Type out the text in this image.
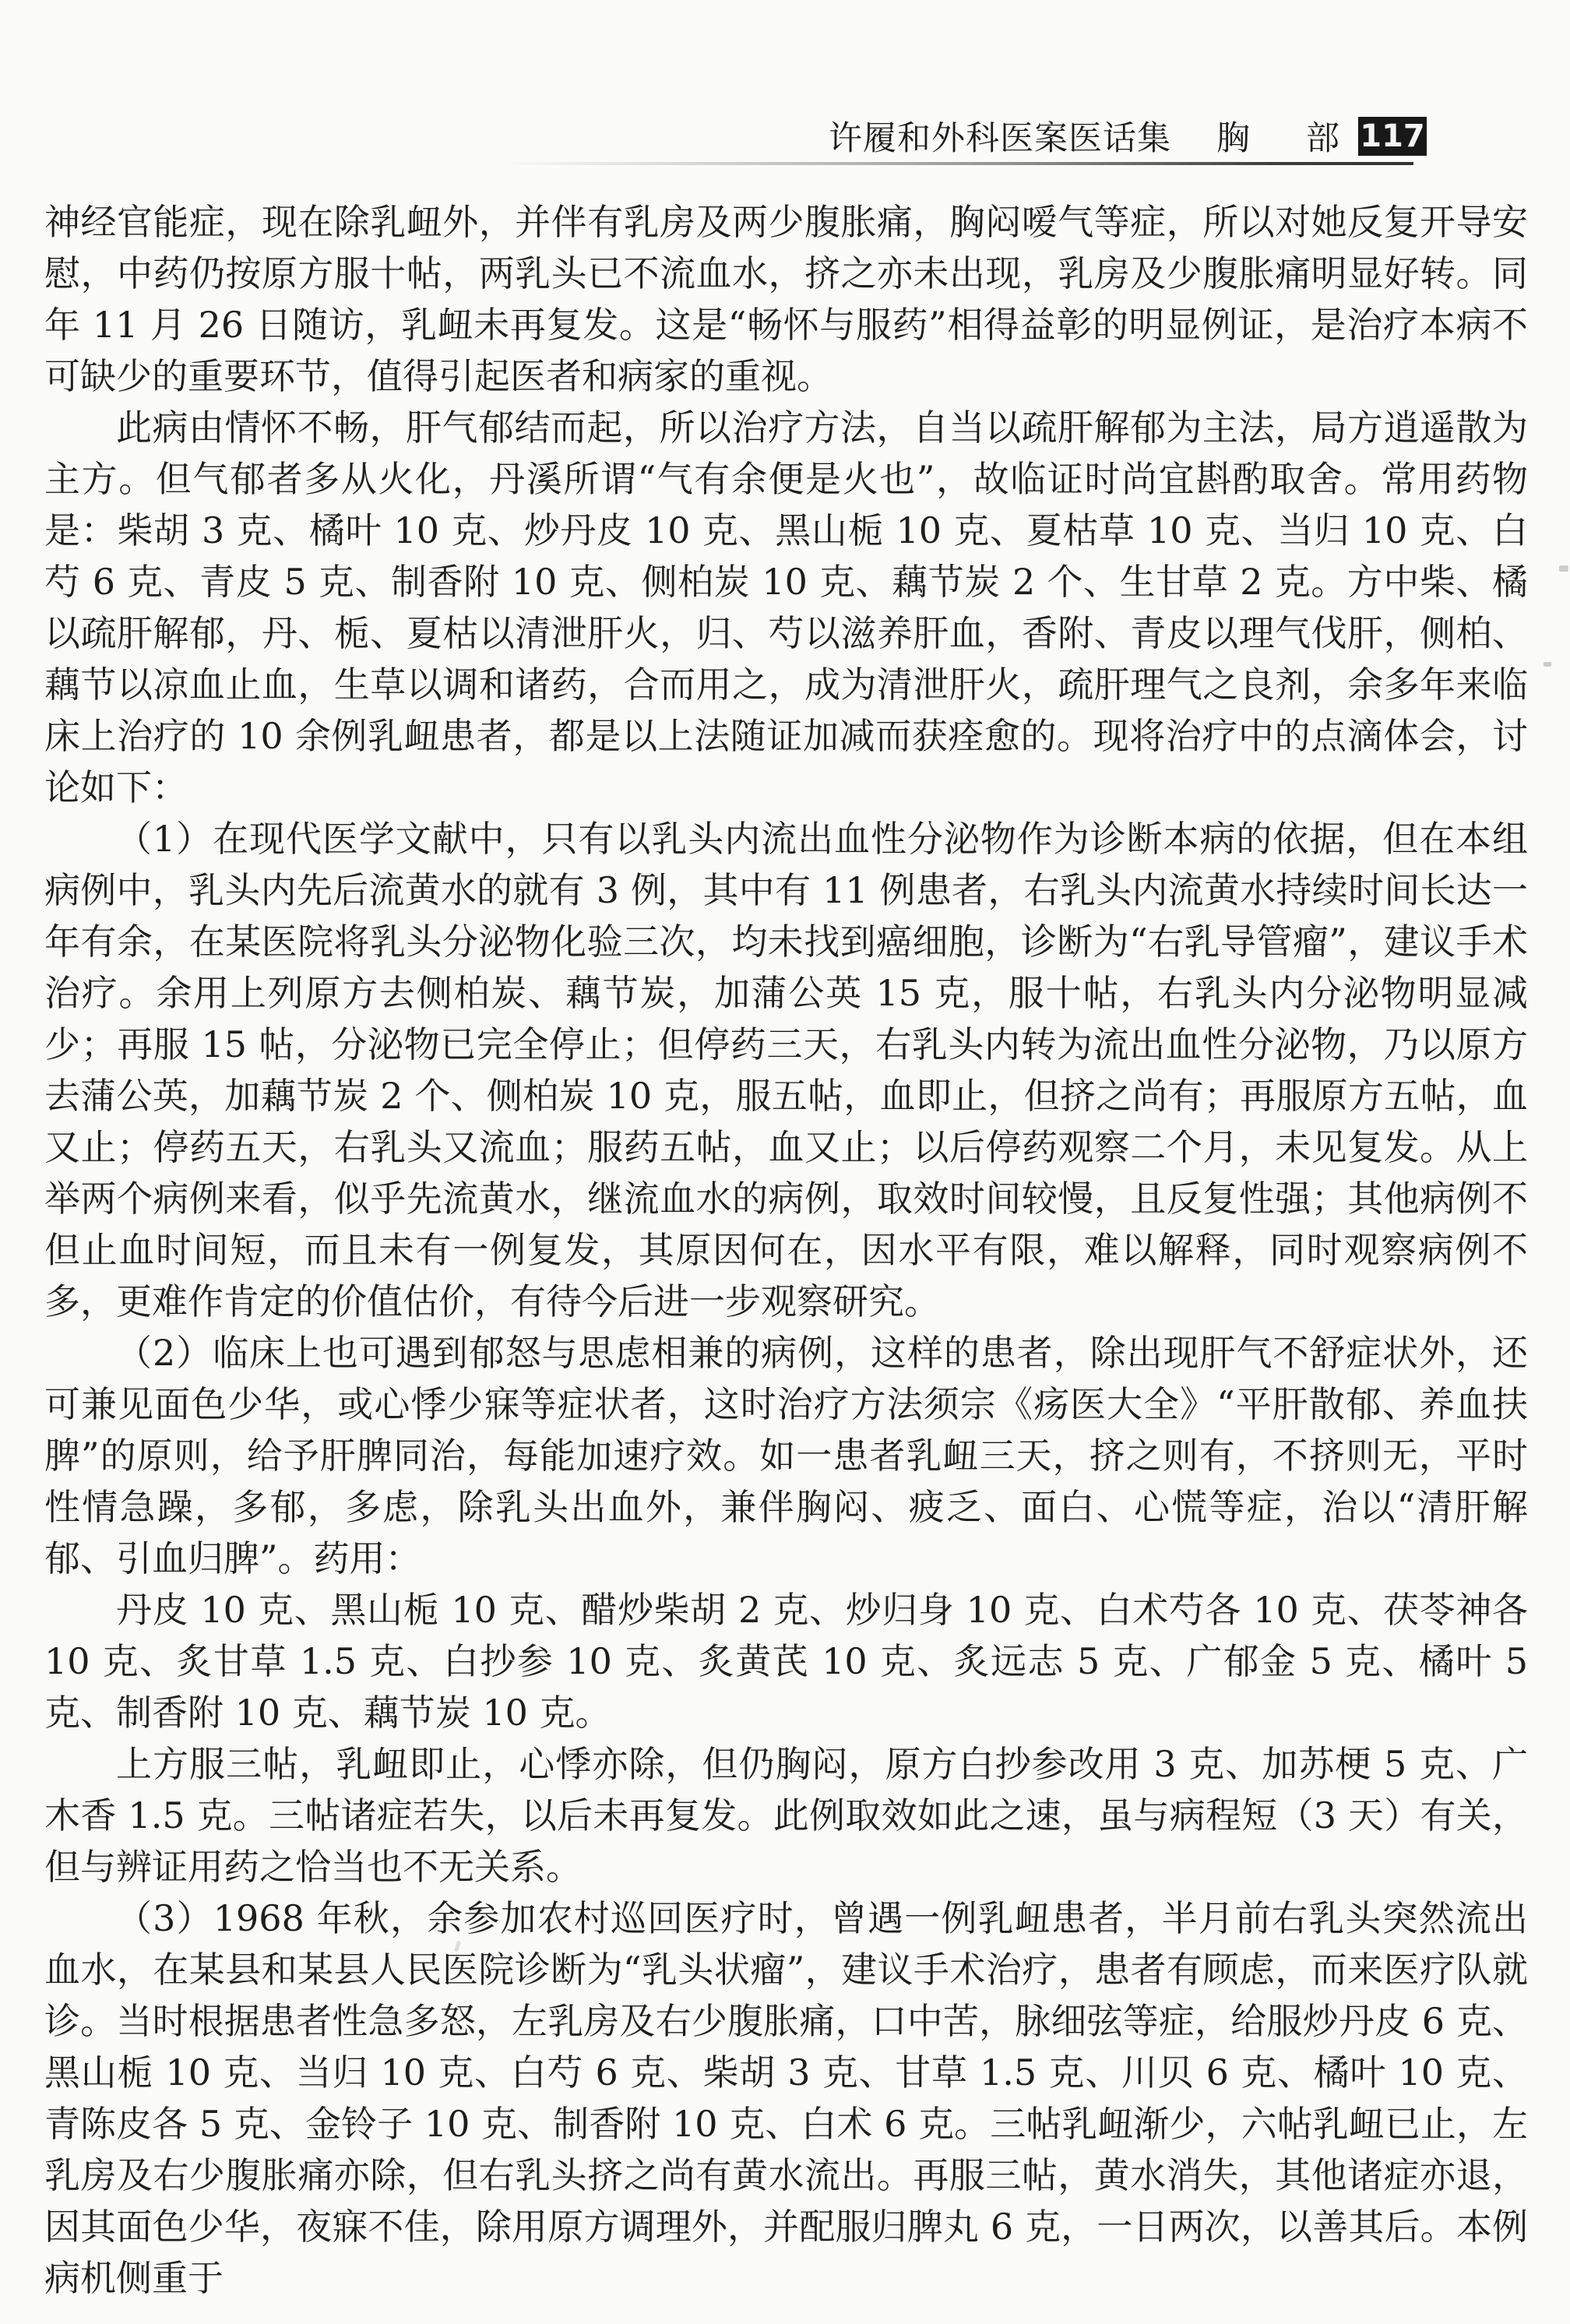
许履和外科医案医话集 胸 部 117

神经官能症，现在除乳衄外，并伴有乳房及两少腹胀痛，胸闷嗳气等症，所以对她反复开导安慰，中药仍按原方服十帖，两乳头已不流血水，挤之亦未出现，乳房及少腹胀痛明显好转。同年 11 月 26 日随访，乳衄未再复发。这是“畅怀与服药”相得益彰的明显例证，是治疗本病不可缺少的重要环节，值得引起医者和病家的重视。

此病由情怀不畅，肝气郁结而起，所以治疗方法，自当以疏肝解郁为主法，局方逍遥散为主方。但气郁者多从火化，丹溪所谓“气有余便是火也”，故临证时尚宜斟酌取舍。常用药物是：柴胡 3 克、橘叶 10 克、炒丹皮 10 克、黑山栀 10 克、夏枯草 10 克、当归 10 克、白芍 6 克、青皮 5 克、制香附 10 克、侧柏炭 10 克、藕节炭 2 个、生甘草 2 克。方中柴、橘以疏肝解郁，丹、栀、夏枯以清泄肝火，归、芍以滋养肝血，香附、青皮以理气伐肝，侧柏、藕节以凉血止血，生草以调和诸药，合而用之，成为清泄肝火，疏肝理气之良剂，余多年来临床上治疗的 10 余例乳衄患者，都是以上法随证加减而获痊愈的。现将治疗中的点滴体会，讨论如下：

（1）在现代医学文献中，只有以乳头内流出血性分泌物作为诊断本病的依据，但在本组病例中，乳头内先后流黄水的就有 3 例，其中有 11 例患者，右乳头内流黄水持续时间长达一年有余，在某医院将乳头分泌物化验三次，均未找到癌细胞，诊断为“右乳导管瘤”，建议手术治疗。余用上列原方去侧柏炭、藕节炭，加蒲公英 15 克，服十帖，右乳头内分泌物明显减少；再服 15 帖，分泌物已完全停止；但停药三天，右乳头内转为流出血性分泌物，乃以原方去蒲公英，加藕节炭 2 个、侧柏炭 10 克，服五帖，血即止，但挤之尚有；再服原方五帖，血又止；停药五天，右乳头又流血；服药五帖，血又止；以后停药观察二个月，未见复发。从上举两个病例来看，似乎先流黄水，继流血水的病例，取效时间较慢，且反复性强；其他病例不但止血时间短，而且未有一例复发，其原因何在，因水平有限，难以解释，同时观察病例不多，更难作肯定的价值估价，有待今后进一步观察研究。

（2）临床上也可遇到郁怒与思虑相兼的病例，这样的患者，除出现肝气不舒症状外，还可兼见面色少华，或心悸少寐等症状者，这时治疗方法须宗《疡医大全》“平肝散郁、养血扶脾”的原则，给予肝脾同治，每能加速疗效。如一患者乳衄三天，挤之则有，不挤则无，平时性情急躁，多郁，多虑，除乳头出血外，兼伴胸闷、疲乏、面白、心慌等症，治以“清肝解郁、引血归脾”。药用：

丹皮 10 克、黑山栀 10 克、醋炒柴胡 2 克、炒归身 10 克、白术芍各 10 克、茯苓神各 10 克、炙甘草 1.5 克、白抄参 10 克、炙黄芪 10 克、炙远志 5 克、广郁金 5 克、橘叶 5 克、制香附 10 克、藕节炭 10 克。

上方服三帖，乳衄即止，心悸亦除，但仍胸闷，原方白抄参改用 3 克、加苏梗 5 克、广木香 1.5 克。三帖诸症若失，以后未再复发。此例取效如此之速，虽与病程短（3 天）有关，但与辨证用药之恰当也不无关系。

（3）1968 年秋，余参加农村巡回医疗时，曾遇一例乳衄患者，半月前右乳头突然流出血水，在某县和某县人民医院诊断为“乳头状瘤”，建议手术治疗，患者有顾虑，而来医疗队就诊。当时根据患者性急多怒，左乳房及右少腹胀痛，口中苦，脉细弦等症，给服炒丹皮 6 克、黑山栀 10 克、当归 10 克、白芍 6 克、柴胡 3 克、甘草 1.5 克、川贝 6 克、橘叶 10 克、青陈皮各 5 克、金铃子 10 克、制香附 10 克、白术 6 克。三帖乳衄渐少，六帖乳衄已止，左乳房及右少腹胀痛亦除，但右乳头挤之尚有黄水流出。再服三帖，黄水消失，其他诸症亦退，因其面色少华，夜寐不佳，除用原方调理外，并配服归脾丸 6 克，一日两次，以善其后。本例病机侧重于
